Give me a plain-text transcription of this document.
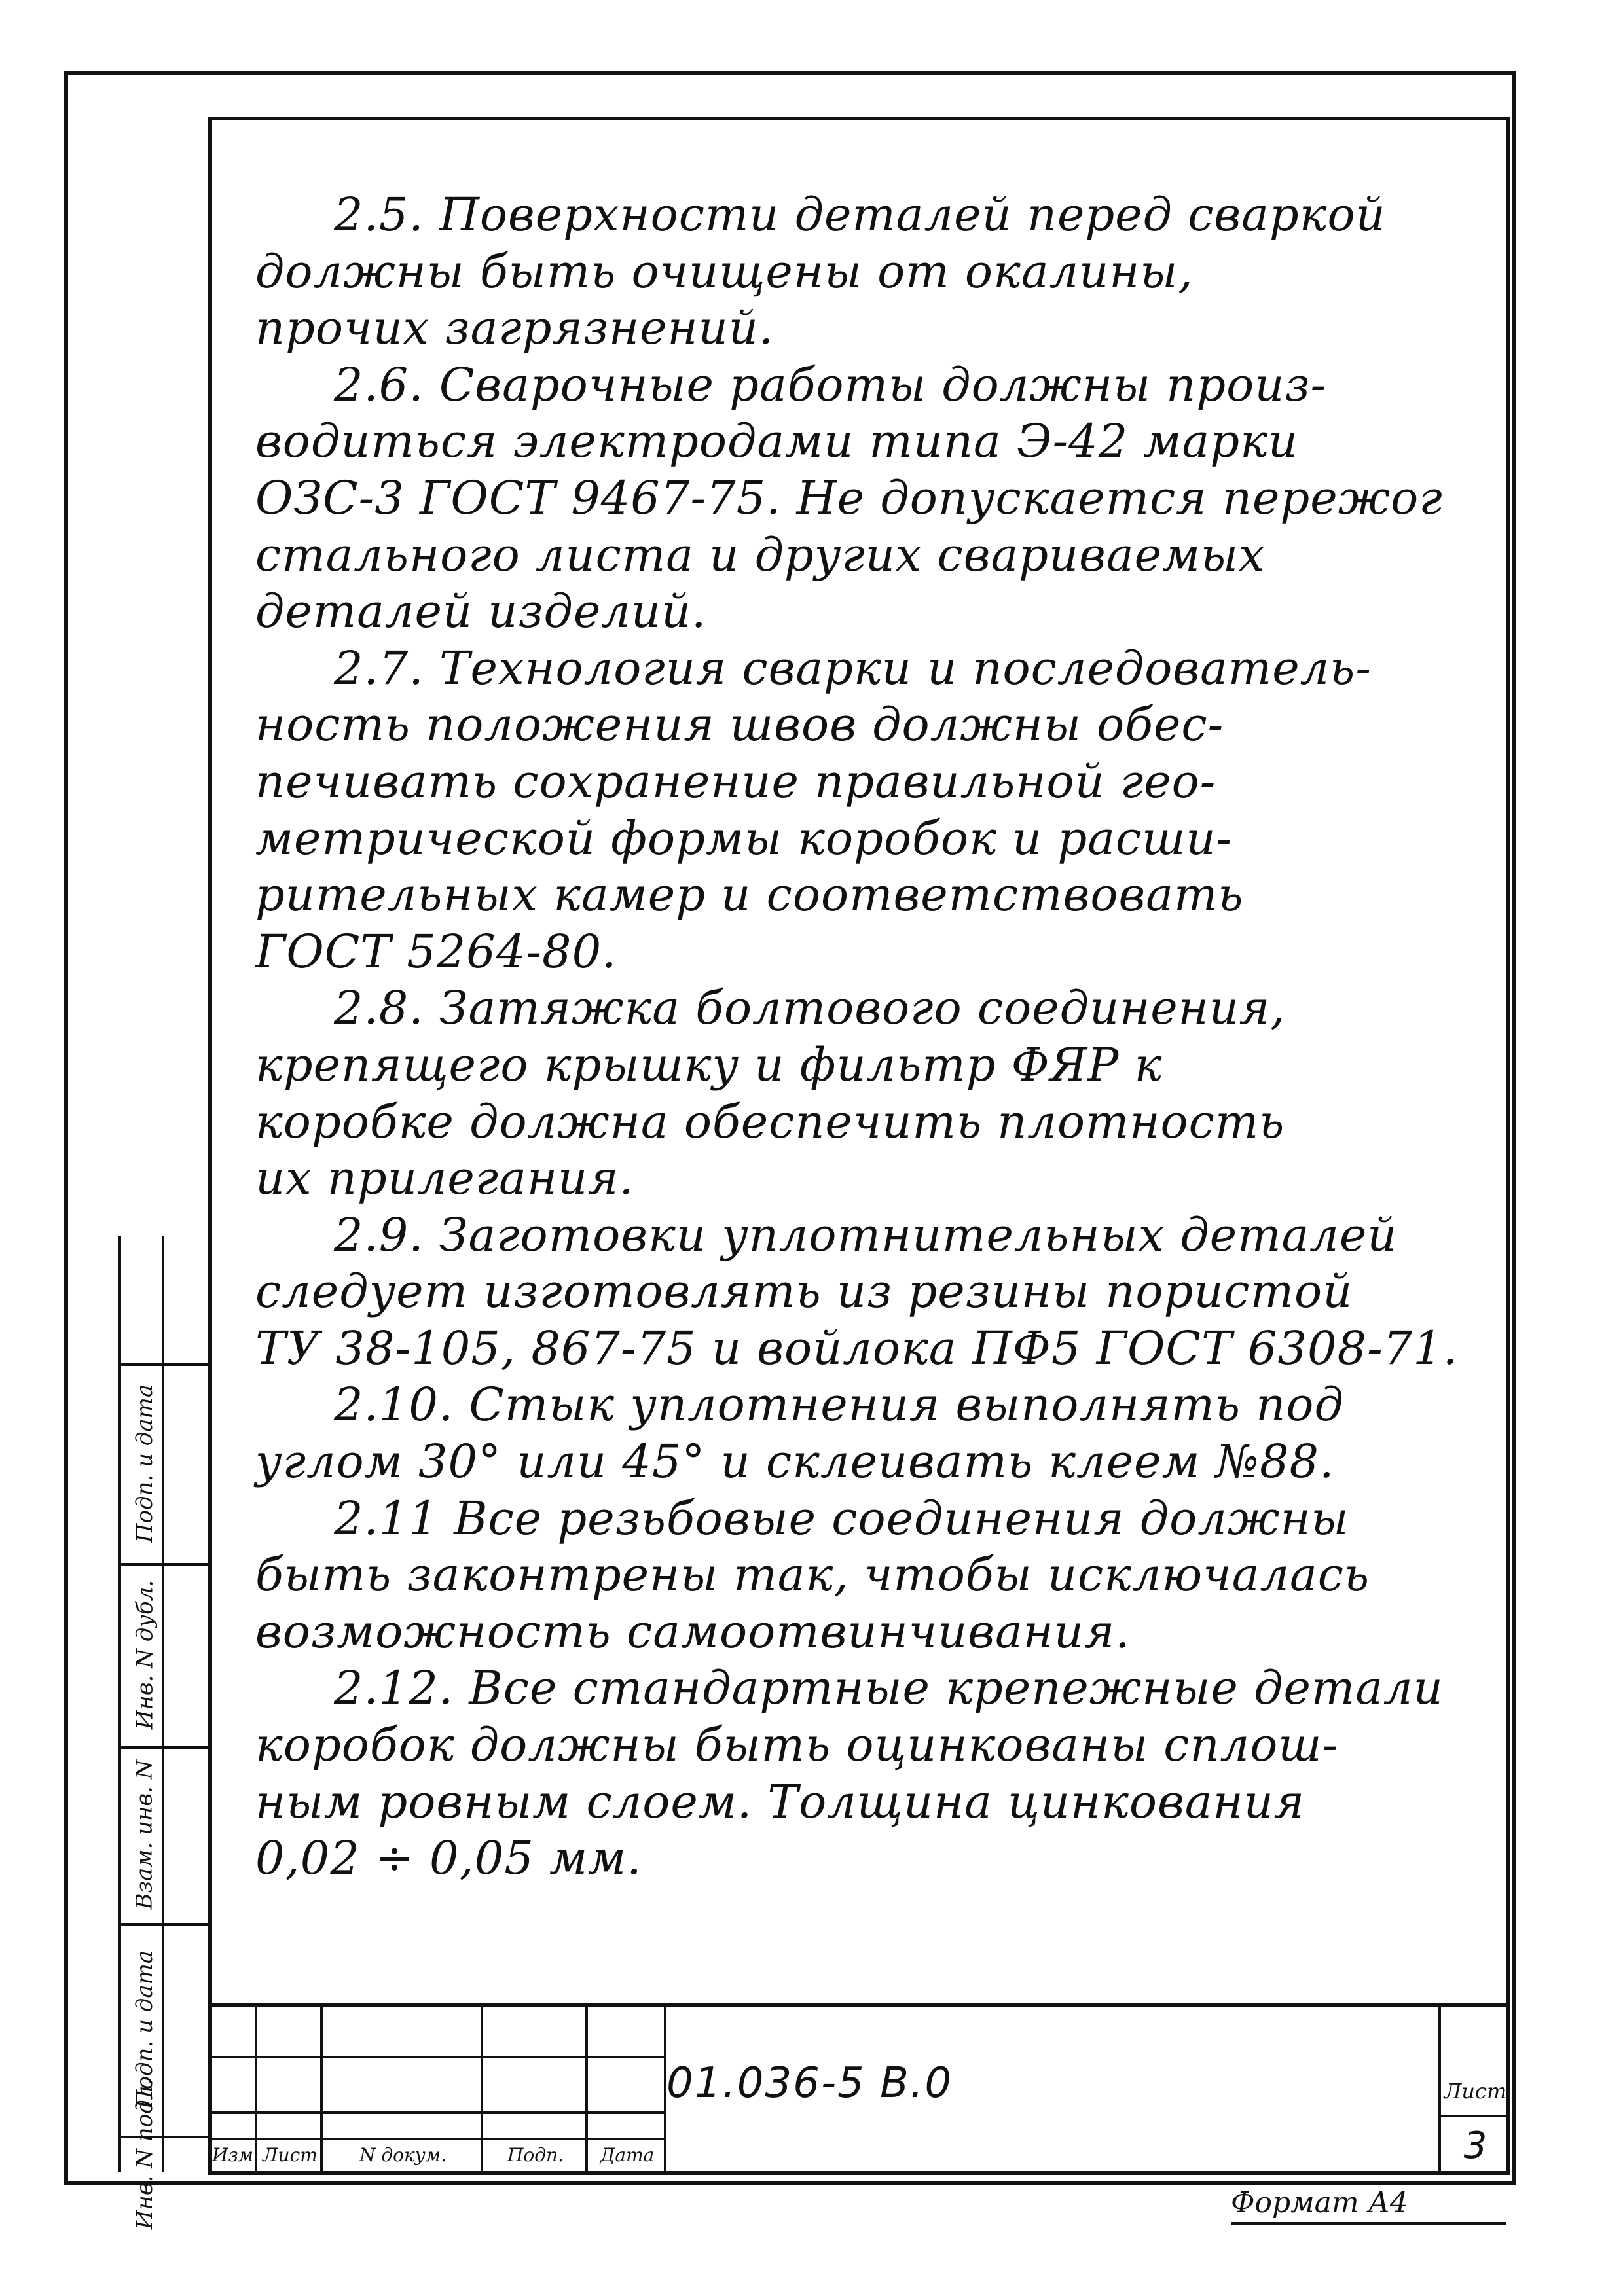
2.5. Поверхности деталей перед сваркой

должны быть очищены от окалины,

прочих загрязнений.

2.6. Сварочные работы должны произ-

водиться электродами типа Э-42 марки

ОЗС-3 ГОСТ 9467-75. Не допускается пережог

стального листа и других свариваемых

деталей изделий.

2.7. Технология сварки и последователь-

ность положения швов должны обес-

печивать сохранение правильной гео-

метрической формы коробок и расши-

рительных камер и соответствовать

ГОСТ 5264-80.

2.8. Затяжка болтового соединения,

крепящего крышку и фильтр ФЯР к

коробке должна обеспечить плотность

их прилегания.

2.9. Заготовки уплотнительных деталей

следует изготовлять из резины пористой

ТУ 38-105, 867-75 и войлока ПФ5 ГОСТ 6308-71.

2.10. Стык уплотнения выполнять под

углом 30° или 45° и склеивать клеем №88.

2.11 Все резьбовые соединения должны

быть законтрены так, чтобы исключалась

возможность самоотвинчивания.

2.12. Все стандартные крепежные детали

коробок должны быть оцинкованы сплош-

ным ровным слоем. Толщина цинкования

0,02 ÷ 0,05 мм.

Инв. N подл.
Подп. и дата
Взам. инв. N
Инв. N дубл.
Подп. и дата
Изм Лист	N докум.	Подп.	Дата
01.036-5 В.0	Лист
3
Формат А4
